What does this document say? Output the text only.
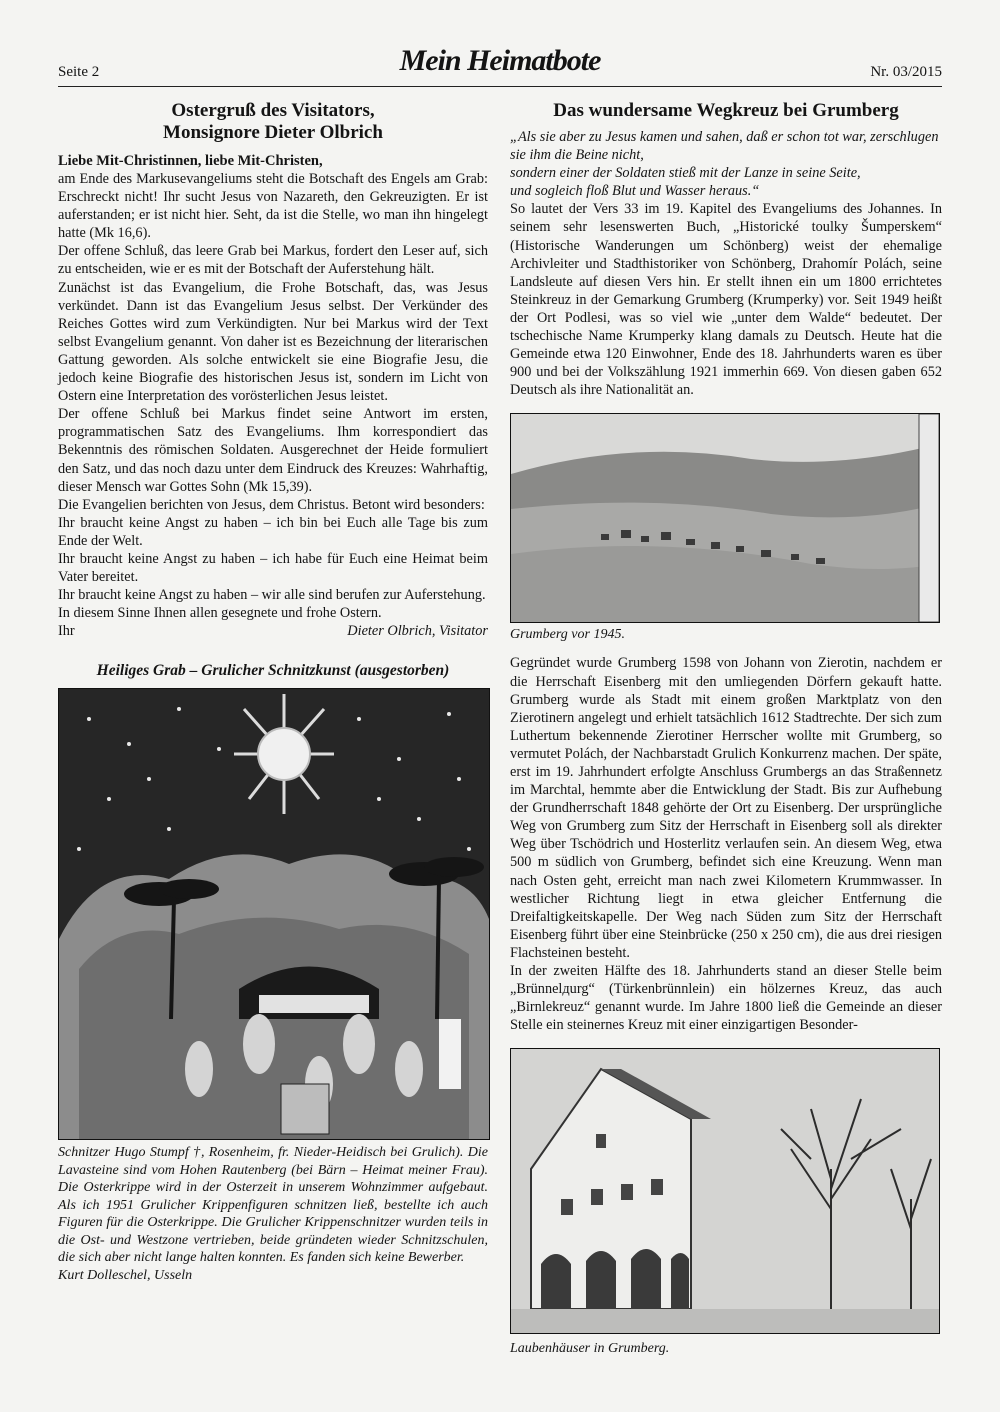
Seite 2	Mein Heimatbote	Nr. 03/2015
Ostergruß des Visitators,
Monsignore Dieter Olbrich
Liebe Mit-Christinnen, liebe Mit-Christen,

am Ende des Markusevangeliums steht die Botschaft des Engels am Grab: Erschreckt nicht! Ihr sucht Jesus von Nazareth, den Gekreuzigten. Er ist auferstanden; er ist nicht hier. Seht, da ist die Stelle, wo man ihn hingelegt hatte (Mk 16,6).

Der offene Schluß, das leere Grab bei Markus, fordert den Leser auf, sich zu entscheiden, wie er es mit der Botschaft der Auferstehung hält.

Zunächst ist das Evangelium, die Frohe Botschaft, das, was Jesus verkündet. Dann ist das Evangelium Jesus selbst. Der Verkünder des Reiches Gottes wird zum Verkündigten. Nur bei Markus wird der Text selbst Evangelium genannt. Von daher ist es Bezeichnung der literarischen Gattung geworden. Als solche entwickelt sie eine Biografie Jesu, die jedoch keine Biografie des historischen Jesus ist, sondern im Licht von Ostern eine Interpretation des vorösterlichen Jesus leistet.

Der offene Schluß bei Markus findet seine Antwort im ersten, programmatischen Satz des Evangeliums. Ihm korrespondiert das Bekenntnis des römischen Soldaten. Ausgerechnet der Heide formuliert den Satz, und das noch dazu unter dem Eindruck des Kreuzes: Wahrhaftig, dieser Mensch war Gottes Sohn (Mk 15,39).

Die Evangelien berichten von Jesus, dem Christus. Betont wird besonders:

Ihr braucht keine Angst zu haben – ich bin bei Euch alle Tage bis zum Ende der Welt.

Ihr braucht keine Angst zu haben – ich habe für Euch eine Heimat beim Vater bereitet.

Ihr braucht keine Angst zu haben – wir alle sind berufen zur Auferstehung.

In diesem Sinne Ihnen allen gesegnete und frohe Ostern.

Ihr	Dieter Olbrich, Visitator
Heiliges Grab – Grulicher Schnitzkunst (ausgestorben)
Schnitzer Hugo Stumpf †, Rosenheim, fr. Nieder-Heidisch bei Grulich). Die Lavasteine sind vom Hohen Rautenberg (bei Bärn – Heimat meiner Frau). Die Osterkrippe wird in der Osterzeit in unserem Wohnzimmer aufgebaut. Als ich 1951 Grulicher Krippenfiguren schnitzen ließ, bestellte ich auch Figuren für die Osterkrippe. Die Grulicher Krippenschnitzer wurden teils in die Ost- und Westzone vertrieben, beide gründeten wieder Schnitzschulen, die sich aber nicht lange halten konnten. Es fanden sich keine Bewerber.
Kurt Dolleschel, Usseln
Das wundersame Wegkreuz bei Grumberg

„Als sie aber zu Jesus kamen und sahen, daß er schon tot war, zerschlugen sie ihm die Beine nicht,

sondern einer der Soldaten stieß mit der Lanze in seine Seite,

und sogleich floß Blut und Wasser heraus.“

So lautet der Vers 33 im 19. Kapitel des Evangeliums des Johannes. In seinem sehr lesenswerten Buch, „Historické toulky Šumperskem“ (Historische Wanderungen um Schönberg) weist der ehemalige Archivleiter und Stadthistoriker von Schönberg, Drahomír Polách, seine Landsleute auf diesen Vers hin. Er stellt ihnen ein um 1800 errichtetes Steinkreuz in der Gemarkung Grumberg (Krumperky) vor. Seit 1949 heißt der Ort Podlesi, was so viel wie „unter dem Walde“ bedeutet. Der tschechische Name Krumperky klang damals zu Deutsch. Heute hat die Gemeinde etwa 120 Einwohner, Ende des 18. Jahrhunderts waren es über 900 und bei der Volkszählung 1921 immerhin 669. Von diesen gaben 652 Deutsch als ihre Nationalität an.
Grumberg vor 1945.
Gegründet wurde Grumberg 1598 von Johann von Zierotin, nachdem er die Herrschaft Eisenberg mit den umliegenden Dörfern gekauft hatte. Grumberg wurde als Stadt mit einem großen Marktplatz von den Zierotinern angelegt und erhielt tatsächlich 1612 Stadtrechte. Der sich zum Luthertum bekennende Zierotiner Herrscher wollte mit Grumberg, so vermutet Polách, der Nachbarstadt Grulich Konkurrenz machen. Der späte, erst im 19. Jahrhundert erfolgte Anschluss Grumbergs an das Straßennetz im Marchtal, hemmte aber die Entwicklung der Stadt. Bis zur Aufhebung der Grundherrschaft 1848 gehörte der Ort zu Eisenberg. Der ursprüngliche Weg von Grumberg zum Sitz der Herrschaft in Eisenberg soll als direkter Weg über Tschödrich und Hosterlitz verlaufen sein. An diesem Weg, etwa 500 m südlich von Grumberg, befindet sich eine Kreuzung. Wenn man nach Osten geht, erreicht man nach zwei Kilometern Krummwasser. In westlicher Richtung liegt in etwa gleicher Entfernung die Dreifaltigkeitskapelle. Der Weg nach Süden zum Sitz der Herrschaft Eisenberg führt über eine Steinbrücke (250 x 250 cm), die aus drei riesigen Flachsteinen besteht.
In der zweiten Hälfte des 18. Jahrhunderts stand an dieser Stelle beim „Brünnelдurg“ (Türkenbrünnlein) ein hölzernes Kreuz, das auch „Birnlekreuz“ genannt wurde. Im Jahre 1800 ließ die Gemeinde an dieser Stelle ein steinernes Kreuz mit einer einzigartigen Besonder-
Laubenhäuser in Grumberg.
